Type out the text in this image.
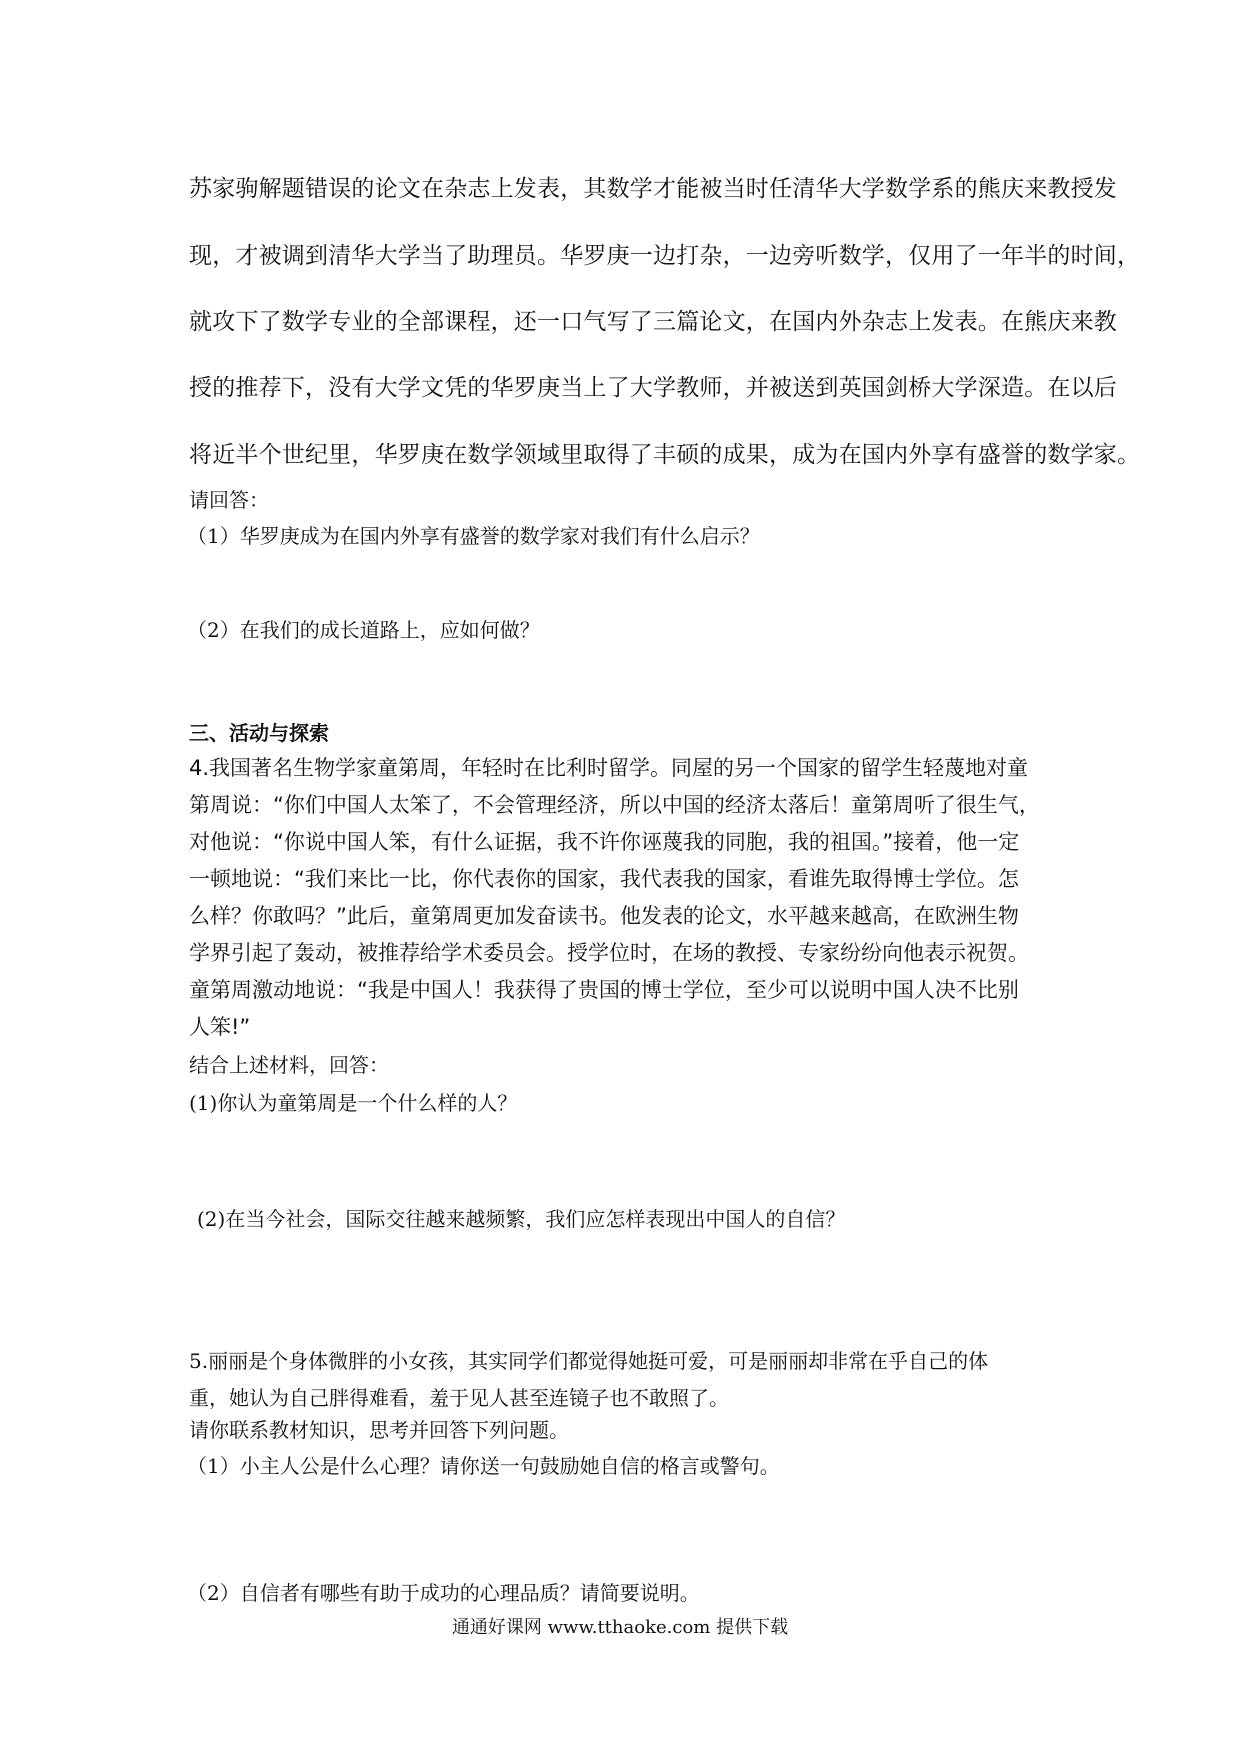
苏家驹解题错误的论文在杂志上发表，其数学才能被当时任清华大学数学系的熊庆来教授发
现，才被调到清华大学当了助理员。华罗庚一边打杂，一边旁听数学，仅用了一年半的时间，
就攻下了数学专业的全部课程，还一口气写了三篇论文，在国内外杂志上发表。在熊庆来教
授的推荐下，没有大学文凭的华罗庚当上了大学教师，并被送到英国剑桥大学深造。在以后
将近半个世纪里，华罗庚在数学领域里取得了丰硕的成果，成为在国内外享有盛誉的数学家。
请回答：
（1）华罗庚成为在国内外享有盛誉的数学家对我们有什么启示？
（2）在我们的成长道路上，应如何做？
三、活动与探索
4.我国著名生物学家童第周，年轻时在比利时留学。同屋的另一个国家的留学生轻蔑地对童
第周说：“你们中国人太笨了，不会管理经济，所以中国的经济太落后！童第周听了很生气，
对他说：“你说中国人笨，有什么证据，我不许你诬蔑我的同胞，我的祖国。”接着，他一定
一顿地说：“我们来比一比，你代表你的国家，我代表我的国家，看谁先取得博士学位。怎
么样？你敢吗？”此后，童第周更加发奋读书。他发表的论文，水平越来越高，在欧洲生物
学界引起了轰动，被推荐给学术委员会。授学位时，在场的教授、专家纷纷向他表示祝贺。
童第周激动地说：“我是中国人！我获得了贵国的博士学位，至少可以说明中国人决不比别
人笨!”
结合上述材料，回答：
(1)你认为童第周是一个什么样的人？
(2)在当今社会，国际交往越来越频繁，我们应怎样表现出中国人的自信？
5.丽丽是个身体微胖的小女孩，其实同学们都觉得她挺可爱，可是丽丽却非常在乎自己的体
重，她认为自己胖得难看，羞于见人甚至连镜子也不敢照了。
请你联系教材知识，思考并回答下列问题。
（1）小主人公是什么心理？请你送一句鼓励她自信的格言或警句。
（2）自信者有哪些有助于成功的心理品质？请简要说明。
通通好课网 www.tthaoke.com 提供下载
